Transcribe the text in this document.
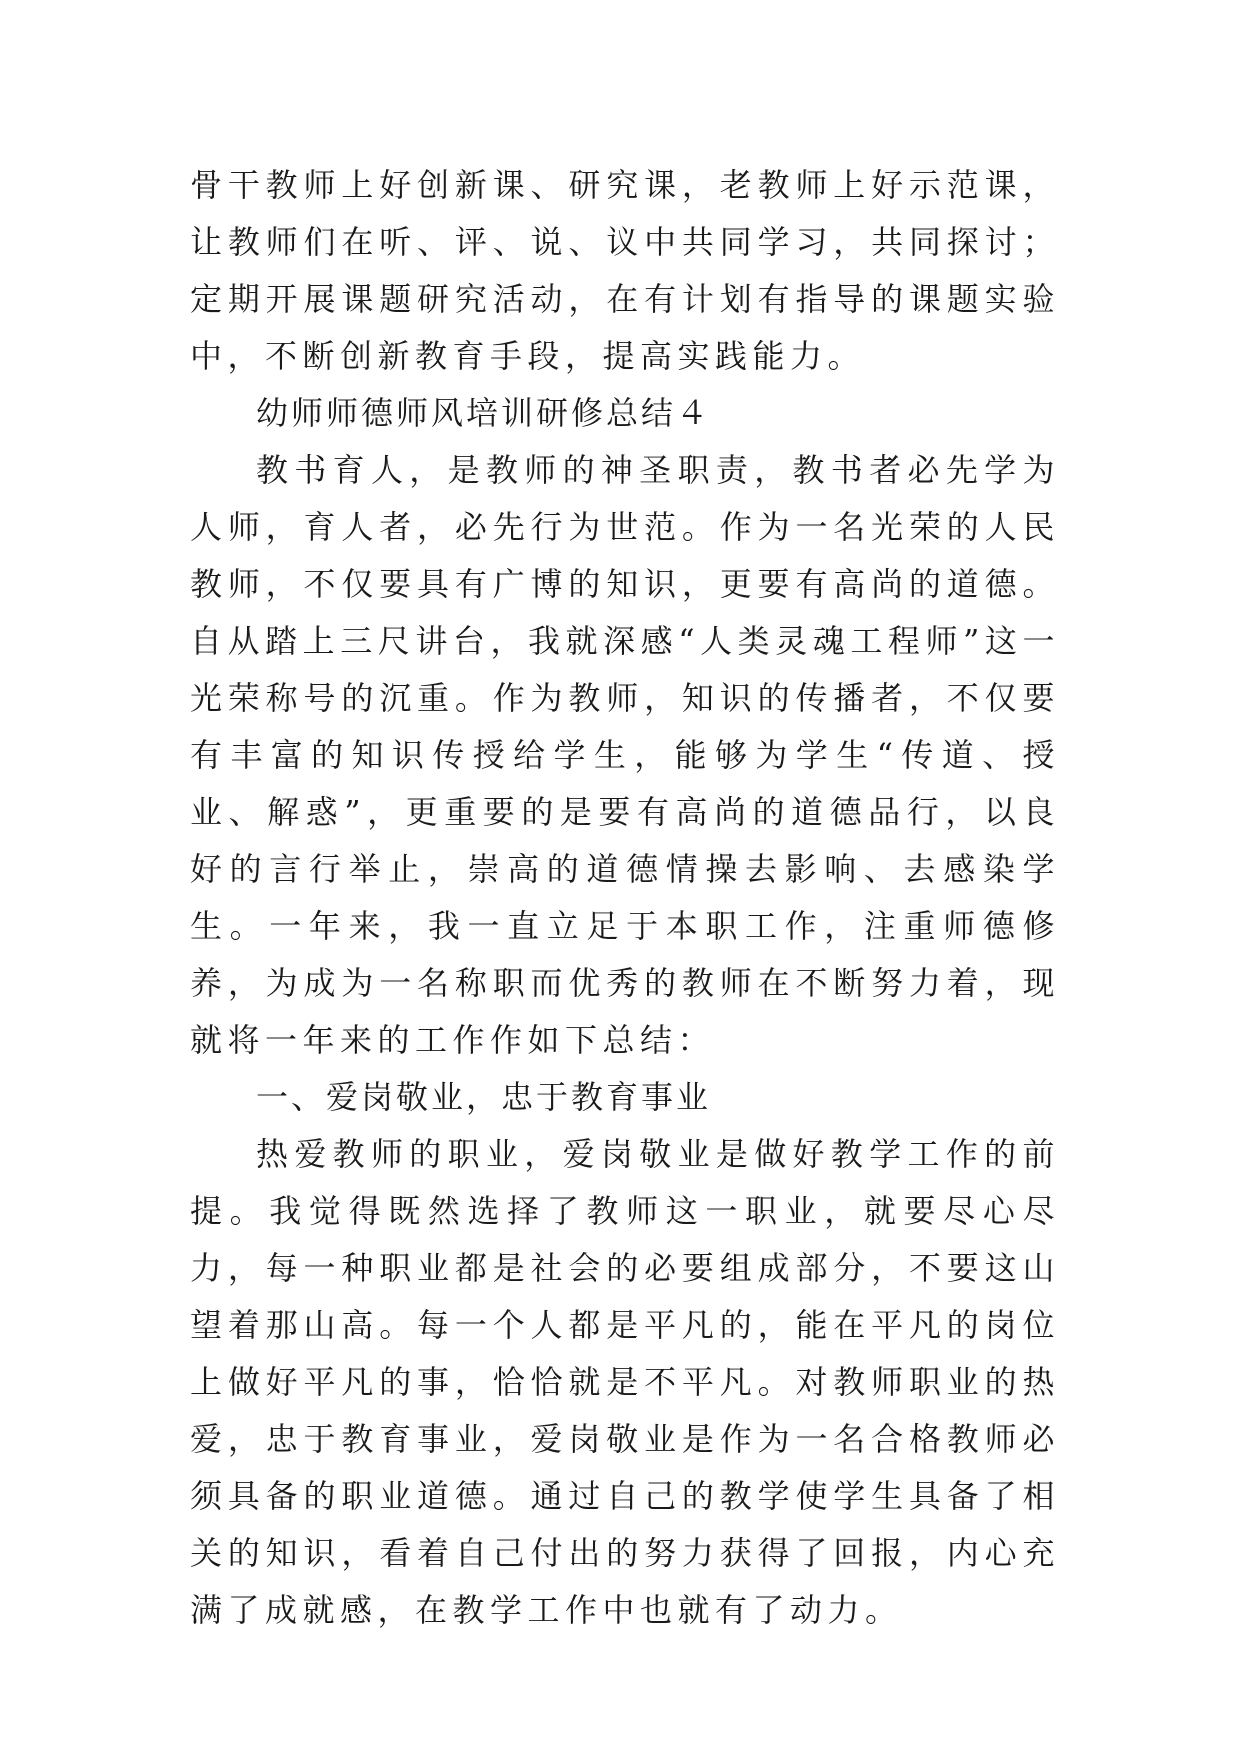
骨干教师上好创新课、研究课，老教师上好示范课，让教师们在听、评、说、议中共同学习，共同探讨；定期开展课题研究活动，在有计划有指导的课题实验中，不断创新教育手段，提高实践能力。

幼师师德师风培训研修总结４

教书育人，是教师的神圣职责，教书者必先学为人师，育人者，必先行为世范。作为一名光荣的人民教师，不仅要具有广博的知识，更要有高尚的道德。自从踏上三尺讲台，我就深感“人类灵魂工程师”这一光荣称号的沉重。作为教师，知识的传播者，不仅要有丰富的知识传授给学生，能够为学生“传道、授业、解惑”，更重要的是要有高尚的道德品行，以良好的言行举止，崇高的道德情操去影响、去感染学生。一年来，我一直立足于本职工作，注重师德修养，为成为一名称职而优秀的教师在不断努力着，现就将一年来的工作作如下总结：

一、爱岗敬业，忠于教育事业

热爱教师的职业，爱岗敬业是做好教学工作的前提。我觉得既然选择了教师这一职业，就要尽心尽力，每一种职业都是社会的必要组成部分，不要这山望着那山高。每一个人都是平凡的，能在平凡的岗位上做好平凡的事，恰恰就是不平凡。对教师职业的热爱，忠于教育事业，爱岗敬业是作为一名合格教师必须具备的职业道德。通过自己的教学使学生具备了相关的知识，看着自己付出的努力获得了回报，内心充满了成就感，在教学工作中也就有了动力。
